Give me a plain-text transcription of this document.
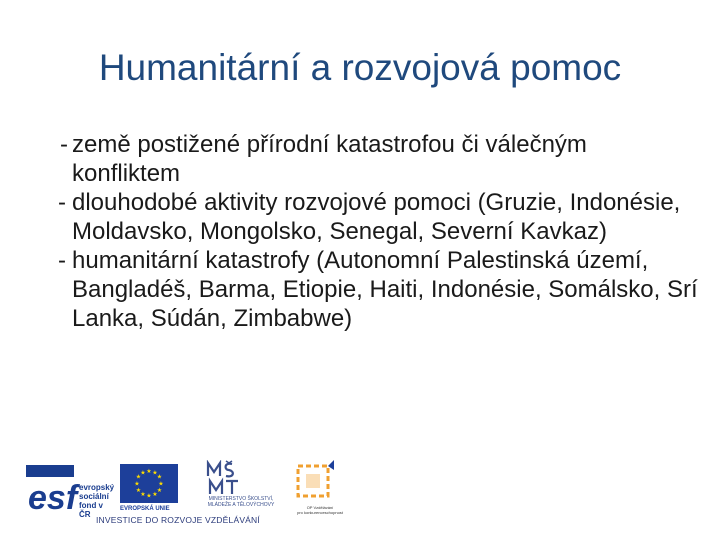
Humanitární a rozvojová pomoc
- země postižené přírodní katastrofou či válečným konfliktem
- dlouhodobé aktivity rozvojové pomoci (Gruzie, Indonésie, Moldavsko, Mongolsko, Senegal, Severní Kavkaz)
- humanitární katastrofy (Autonomní Palestinská území, Bangladéš, Barma, Etiopie, Haiti, Indonésie, Somálsko, Srí Lanka, Súdán, Zimbabwe)
esf evropský
sociální
fond v ČR
★ ★
★
★
★
★
★
★
★
★
★
★
EVROPSKÁ UNIE
MINISTERSTVO ŠKOLSTVÍ,
MLÁDEŽE A TĚLOVÝCHOVY	OP Vzdělávání
pro konkurenceschopnost
INVESTICE DO ROZVOJE VZDĚLÁVÁNÍ
